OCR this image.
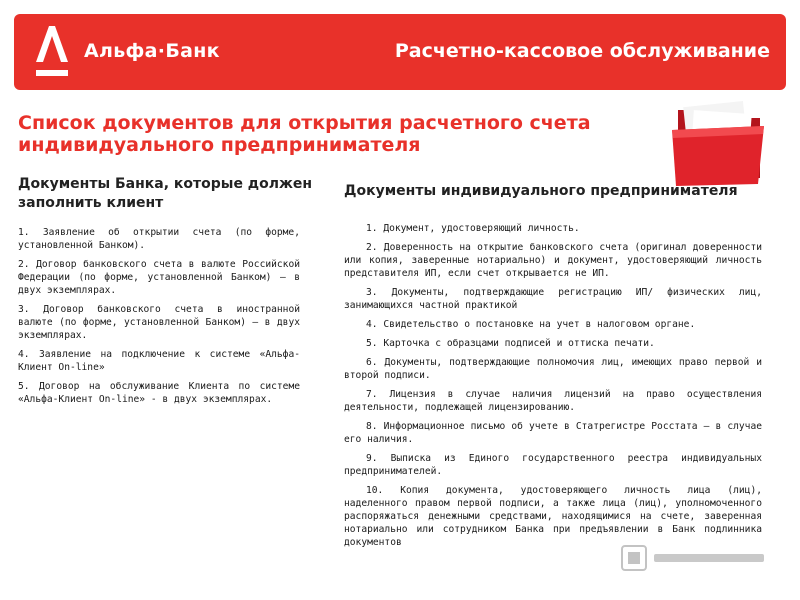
Альфа·Банк	Расчетно-кассовое обслуживание
Список документов для открытия расчетного счета индивидуального предпринимателя
Документы Банка, которые должен заполнить клиент
Документы индивидуального предпринимателя

1. Заявление об открытии счета (по форме, установленной Банком).

2. Договор банковского счета в валюте Российской Федерации (по форме, установленной Банком) – в двух экземплярах.

3. Договор банковского счета в иностранной валюте (по форме, установленной Банком) – в двух экземплярах.

4. Заявление на подключение к системе «Альфа-Клиент On-line»

5. Договор на обслуживание Клиента по системе «Альфа-Клиент On-line» - в двух экземплярах.

1. Документ, удостоверяющий личность.

2. Доверенность на открытие банковского счета (оригинал доверенности или копия, заверенные нотариально) и документ, удостоверяющий личность представителя ИП, если счет открывается не ИП.

3. Документы, подтверждающие регистрацию ИП/ физических лиц, занимающихся частной практикой

4. Свидетельство о постановке на учет в налоговом органе.

5. Карточка с образцами подписей и оттиска печати.

6. Документы, подтверждающие полномочия лиц, имеющих право первой и второй подписи.

7. Лицензия в случае наличия лицензий на право осуществления деятельности, подлежащей лицензированию.

8. Информационное письмо об учете в Статрегистре Росстата – в случае его наличия.

9. Выписка из Единого государственного реестра индивидуальных предпринимателей.

10. Копия документа, удостоверяющего личность лица (лиц), наделенного правом первой подписи, а также лица (лиц), уполномоченного распоряжаться денежными средствами, находящимися на счете, заверенная нотариально или сотрудником Банка при предъявлении в Банк подлинника документов
